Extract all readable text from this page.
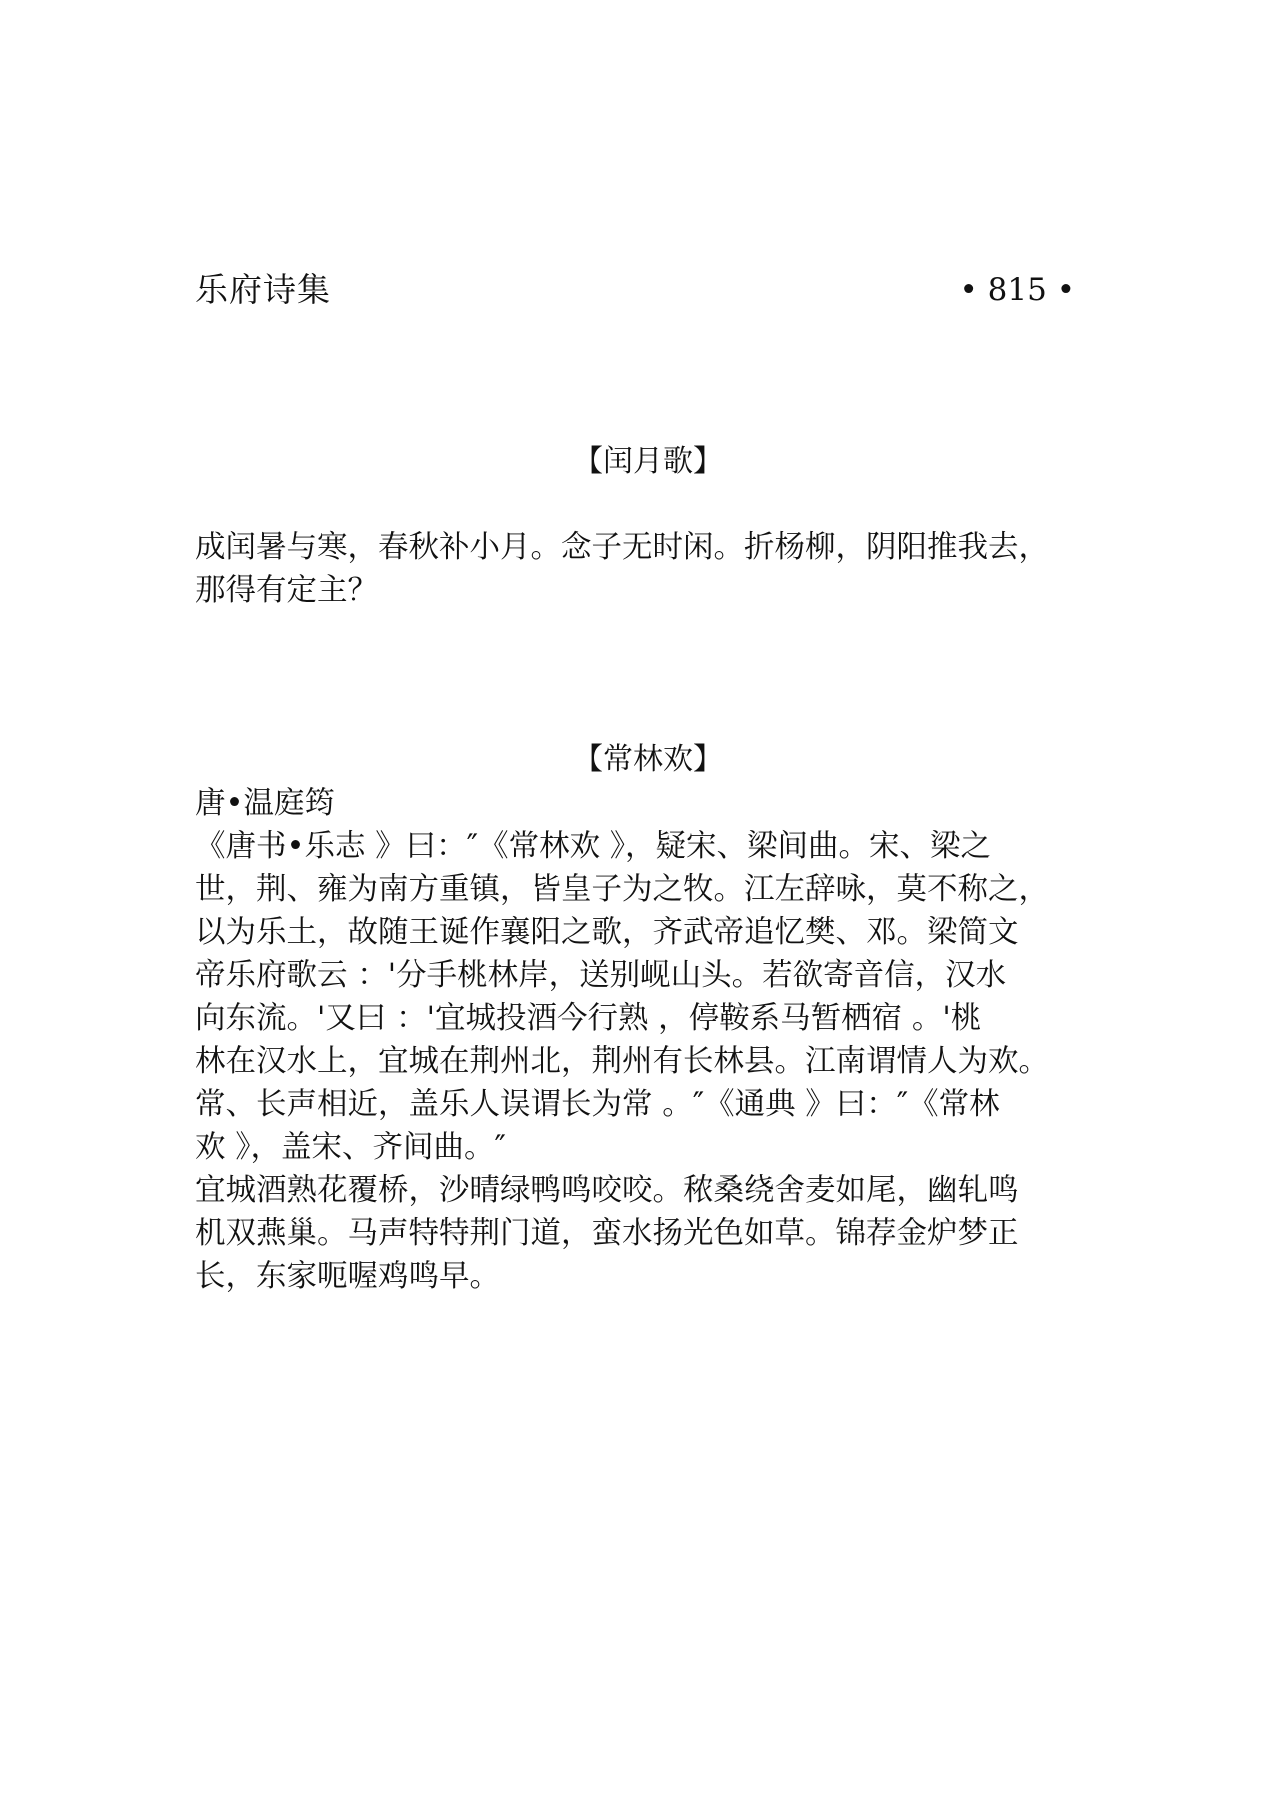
乐府诗集	• 815 •
【闰月歌】
成闰暑与寒，春秋补小月。念子无时闲。折杨柳，阴阳推我去，
那得有定主？
【常林欢】
唐•温庭筠
《唐书•乐志 》曰：″《常林欢 》，疑宋、梁间曲。宋、梁之
世，荆、雍为南方重镇，皆皇子为之牧。江左辞咏，莫不称之，
以为乐土，故随王诞作襄阳之歌，齐武帝追忆樊、邓。梁简文
帝乐府歌云 ：'分手桃林岸，送别岘山头。若欲寄音信，汉水
向东流。'又曰 ：'宜城投酒今行熟 ，停鞍系马暂栖宿 。'桃
林在汉水上，宜城在荆州北，荆州有长林县。江南谓情人为欢。
常、长声相近，盖乐人误谓长为常 。″《通典 》曰：″《常林
欢 》，盖宋、齐间曲。″
宜城酒熟花覆桥，沙晴绿鸭鸣咬咬。秾桑绕舍麦如尾，幽轧鸣
机双燕巢。马声特特荆门道，蛮水扬光色如草。锦荐金炉梦正
长，东家呃喔鸡鸣早。
